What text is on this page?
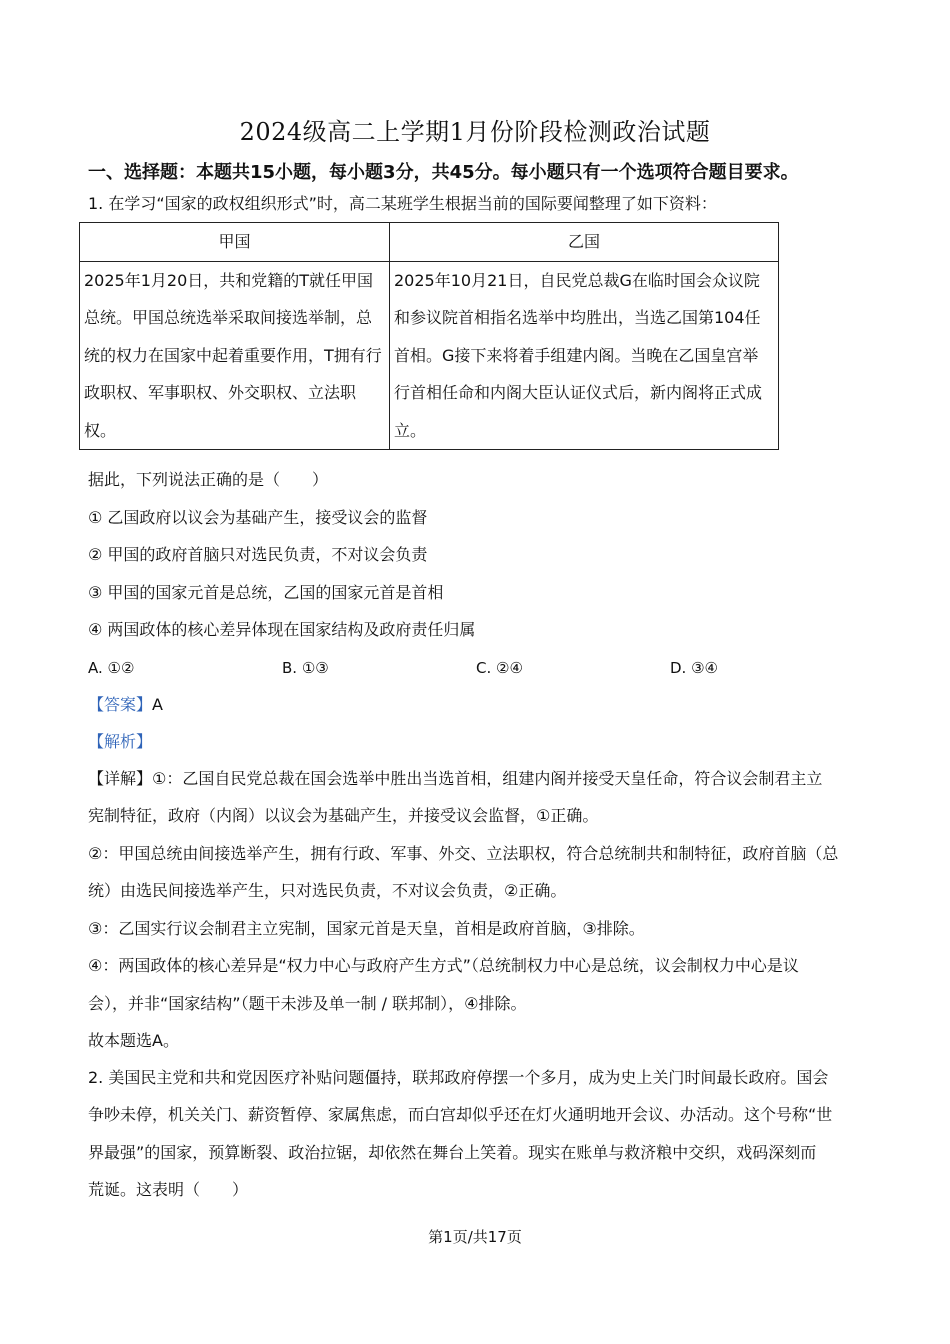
2024级高二上学期1月份阶段检测政治试题
一、选择题：本题共15小题，每小题3分，共45分。每小题只有一个选项符合题目要求。
1. 在学习“国家的政权组织形式”时，高二某班学生根据当前的国际要闻整理了如下资料：
甲国	乙国
2025年1月20日，共和党籍的T就任甲国总统。甲国总统选举采取间接选举制，总统的权力在国家中起着重要作用，T拥有行政职权、军事职权、外交职权、立法职权。	2025年10月21日，自民党总裁G在临时国会众议院和参议院首相指名选举中均胜出，当选乙国第104任首相。G接下来将着手组建内阁。当晚在乙国皇宫举行首相任命和内阁大臣认证仪式后，新内阁将正式成立。
据此，下列说法正确的是（　　）
① 乙国政府以议会为基础产生，接受议会的监督
② 甲国的政府首脑只对选民负责，不对议会负责
③ 甲国的国家元首是总统，乙国的国家元首是首相
④ 两国政体的核心差异体现在国家结构及政府责任归属
A. ①②	B. ①③	C. ②④	D. ③④
【答案】A
【解析】
【详解】①：乙国自民党总裁在国会选举中胜出当选首相，组建内阁并接受天皇任命，符合议会制君主立
宪制特征，政府（内阁）以议会为基础产生，并接受议会监督，①正确。
②：甲国总统由间接选举产生，拥有行政、军事、外交、立法职权，符合总统制共和制特征，政府首脑（总
统）由选民间接选举产生，只对选民负责，不对议会负责，②正确。
③：乙国实行议会制君主立宪制，国家元首是天皇，首相是政府首脑，③排除。
④：两国政体的核心差异是“权力中心与政府产生方式”（总统制权力中心是总统，议会制权力中心是议
会），并非“国家结构”（题干未涉及单一制 / 联邦制），④排除。
故本题选A。
2. 美国民主党和共和党因医疗补贴问题僵持，联邦政府停摆一个多月，成为史上关门时间最长政府。国会
争吵未停，机关关门、薪资暂停、家属焦虑，而白宫却似乎还在灯火通明地开会议、办活动。这个号称“世
界最强”的国家，预算断裂、政治拉锯，却依然在舞台上笑着。现实在账单与救济粮中交织，戏码深刻而
荒诞。这表明（　　）
第1页/共17页
